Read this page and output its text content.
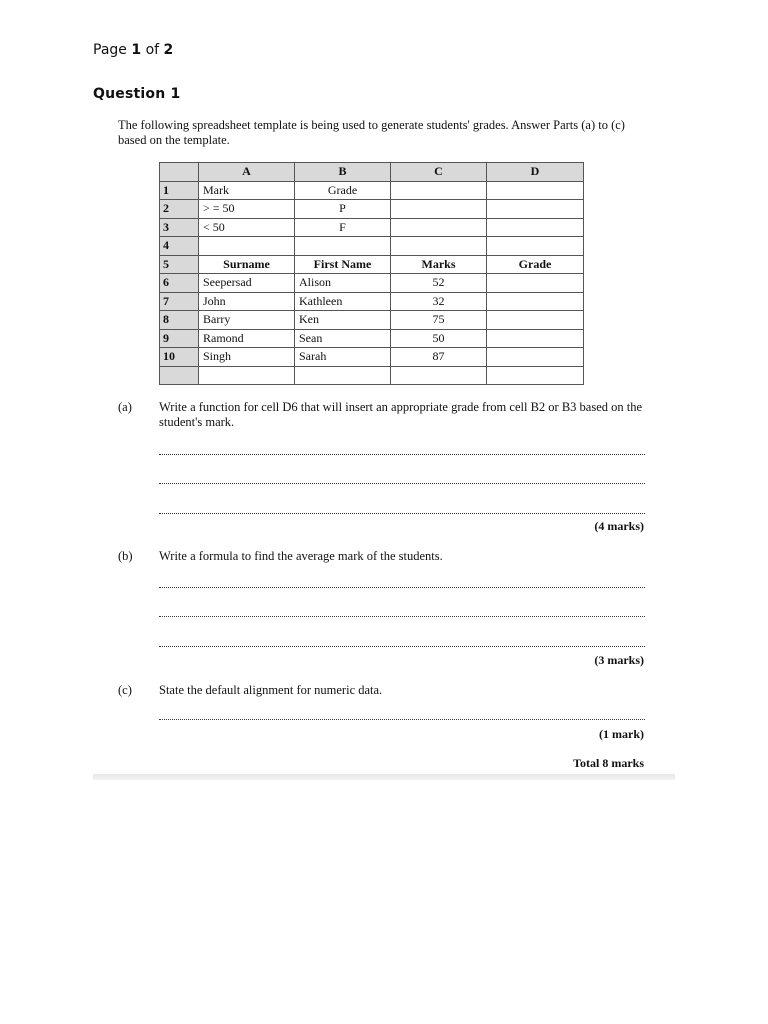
Page 1 of 2
Question 1
The following spreadsheet template is being used to generate students' grades. Answer Parts (a) to (c) based on the template.
	A	B	C	D
1	Mark	Grade		
2	> = 50	P		
3	< 50	F		
4				
5	Surname	First Name	Marks	Grade
6	Seepersad	Alison	52	
7	John	Kathleen	32	
8	Barry	Ken	75	
9	Ramond	Sean	50	
10	Singh	Sarah	87	

(a) Write a function for cell D6 that will insert an appropriate grade from cell B2 or B3 based on the student's mark.
(4 marks)
(b) Write a formula to find the average mark of the students.
(3 marks)
(c) State the default alignment for numeric data.
(1 mark)
Total 8 marks
